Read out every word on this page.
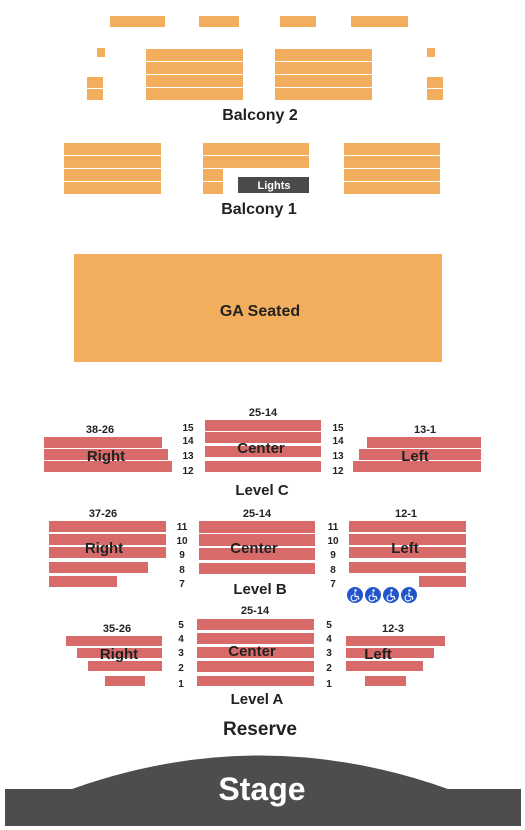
Balcony 2
Lights
Balcony 1
GA Seated
38-26
25-14
13-1
Right	Center	Left
15
14
13
12
15
14
13
12
Level C
37-26	25-14	12-1
Right	Center	Left
11
10
9
8
7
11
10
9
8
7
Level B
35-26
25-14
12-3
Right	Center	Left
5
4
3
2
1
5
4
3
2
1
Level A
Reserve
Stage
